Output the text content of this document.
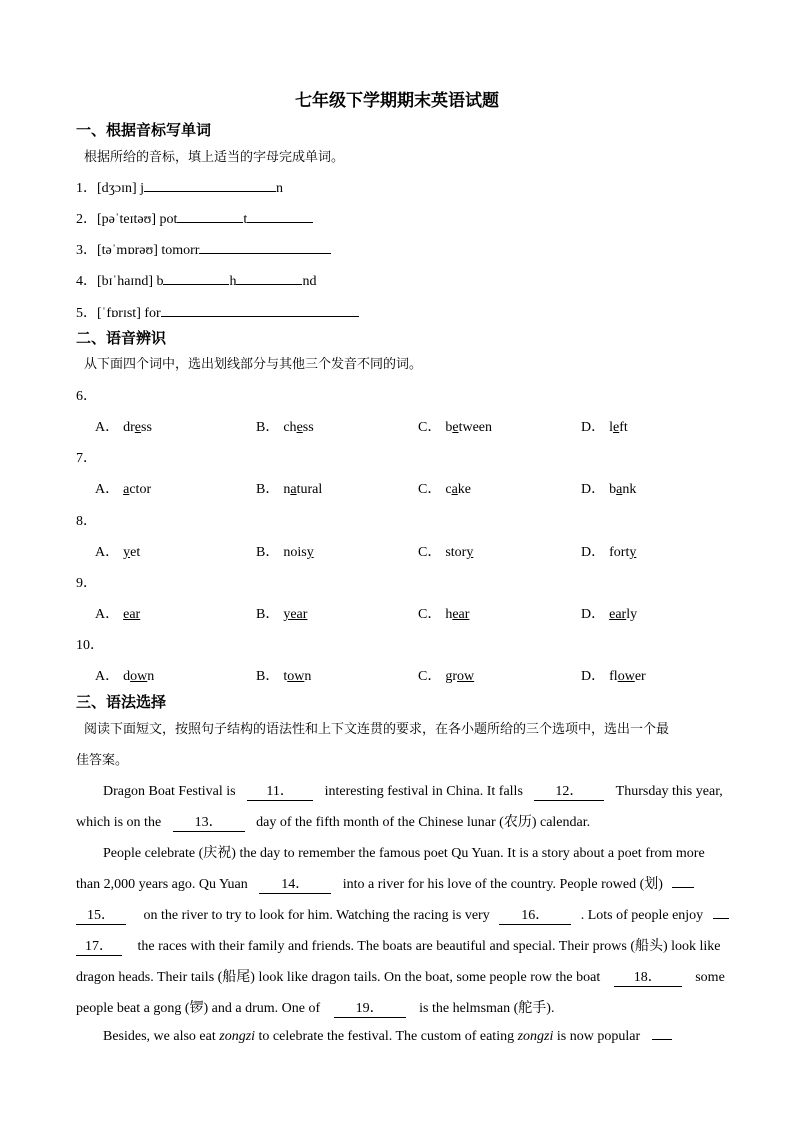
七年级下学期期末英语试题
一、根据音标写单词
根据所给的音标，填上适当的字母完成单词。
1．[dʒɔɪn] j	n
2．[pəˈteɪtəʊ] pot	t
3．[təˈmɒrəʊ] tomorr
4．[bɪˈhaɪnd] b	h	nd
5．[ˈfɒrɪst] for
二、语音辨识
从下面四个词中，选出划线部分与其他三个发音不同的词。
6．
A． dress	B． chess	C． between	D． left
7．
A． actor	B． natural	C． cake	D． bank
8．
A． yet	B． noisy	C． story	D． forty
9．
A． ear	B． year	C． hear	D． early
10．
A． down	B． town	C． grow	D． flower
三、语法选择
阅读下面短文，按照句子结构的语法性和上下文连贯的要求，在各小题所给的三个选项中，选出一个最
佳答案。
Dragon Boat Festival is 11． interesting festival in China. It falls 12． Thursday this year,
which is on the 13． day of the fifth month of the Chinese lunar (农历) calendar.
People celebrate (庆祝) the day to remember the famous poet Qu Yuan. It is a story about a poet from more
than 2,000 years ago. Qu Yuan 14． into a river for his love of the country. People rowed (划)
15． on the river to try to look for him. Watching the racing is very 16． . Lots of people enjoy
17． the races with their family and friends. The boats are beautiful and special. Their prows (船头) look like
dragon heads. Their tails (船尾) look like dragon tails. On the boat, some people row the boat 18． some
people beat a gong (锣) and a drum. One of	19．	is the helmsman (舵手).
Besides, we also eat zongzi to celebrate the festival. The custom of eating zongzi is now popular
